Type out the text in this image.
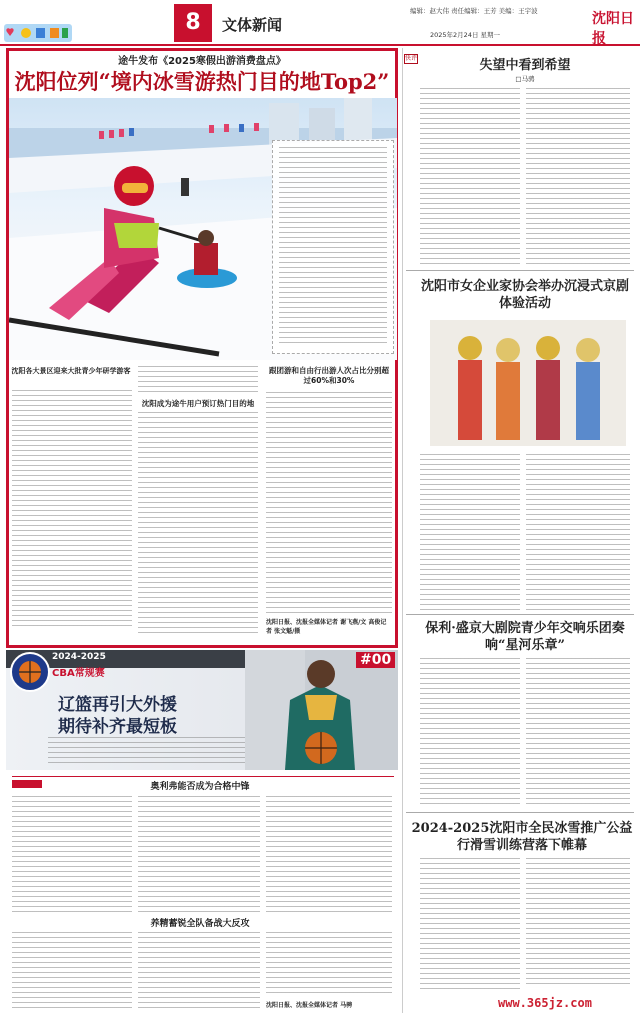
8	文体新闻
编辑：赵大伟 责任编辑：王芳 美编：王宇波
2025年2月24日 星期一
沈阳日报
途牛发布《2025寒假出游消费盘点》
沈阳位列“境内冰雪游热门目的地Top2”
沈阳各大景区迎来大批青少年研学游客
沈阳成为途牛用户预订热门目的地
跟团游和自由行出游人次占比分别超过60%和30%
沈阳日报、沈报全媒体记者 谢飞燕/文 高俊记者 张文魁/摄
2024-2025
CBA常规赛
辽篮再引大外援
期待补齐最短板
#00
奥利弗能否成为合格中锋
养精蓄锐全队备战大反攻
沈阳日报、沈报全媒体记者 马骋
快评	失望中看到希望
□马骋
沈阳市女企业家协会举办沉浸式京剧体验活动
保利·盛京大剧院青少年交响乐团奏响“星河乐章”
2024-2025沈阳市全民冰雪推广公益行滑雪训练营落下帷幕
www.365jz.com
